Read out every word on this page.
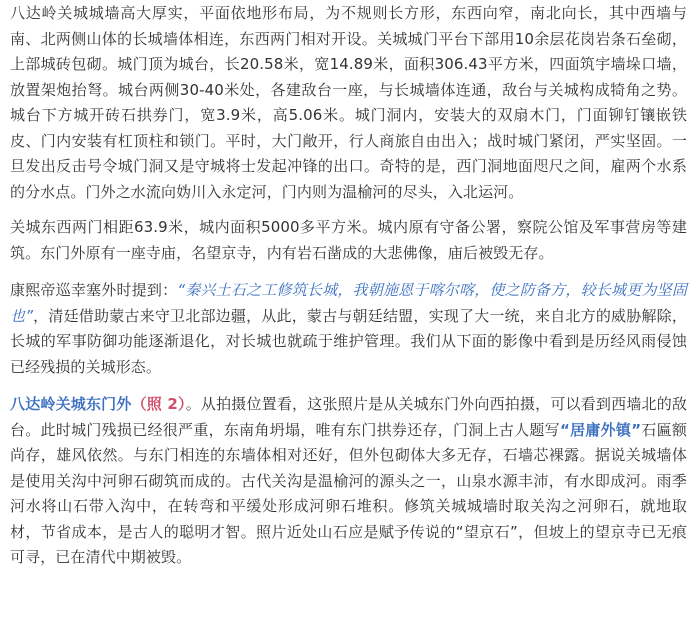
八达岭关城城墙高大厚实，平面依地形布局，为不规则长方形，东西向窄，南北向长，其中西墙与南、北两侧山体的长城墙体相连，东西两门相对开设。关城城门平台下部用10余层花岗岩条石垒砌，上部城砖包砌。城门顶为城台，长20.58米，宽14.89米，面积306.43平方米，四面筑宇墙垛口墙，放置架炮抬弩。城台两侧30-40米处，各建敌台一座，与长城墙体连通，敌台与关城构成犄角之势。城台下方城开砖石拱券门，宽3.9米，高5.06米。城门洞内，安装大的双扇木门，门面铆钉镶嵌铁皮、门内安装有杠顶柱和锁门。平时，大门敞开，行人商旅自由出入；战时城门紧闭，严实坚固。一旦发出反击号令城门洞又是守城将士发起冲锋的出口。奇特的是，西门洞地面咫尺之间，雇两个水系的分水点。门外之水流向妫川入永定河，门内则为温榆河的尽头，入北运河。

关城东西两门相距63.9米，城内面积5000多平方米。城内原有守备公署，察院公馆及军事营房等建筑。东门外原有一座寺庙，名望京寺，内有岩石凿成的大悲佛像，庙后被毁无存。

康熙帝巡幸塞外时提到：“秦兴土石之工修筑长城，我朝施恩于喀尔喀，使之防备方，较长城更为坚固也”，清廷借助蒙古来守卫北部边疆，从此，蒙古与朝廷结盟，实现了大一统，来自北方的威胁解除，长城的军事防御功能逐渐退化，对长城也就疏于维护管理。我们从下面的影像中看到是历经风雨侵蚀已经残损的关城形态。

八达岭关城东门外（照 2）。从拍摄位置看，这张照片是从关城东门外向西拍摄，可以看到西墙北的敌台。此时城门残损已经很严重，东南角坍塌，唯有东门拱券还存，门洞上古人题写“居庸外镇”石匾额尚存，雄风依然。与东门相连的东墙体相对还好，但外包砌体大多无存，石墙芯裸露。据说关城墙体是使用关沟中河卵石砌筑而成的。古代关沟是温榆河的源头之一，山泉水源丰沛，有水即成河。雨季河水将山石带入沟中，在转弯和平缓处形成河卵石堆积。修筑关城城墙时取关沟之河卵石，就地取材，节省成本，是古人的聪明才智。照片近处山石应是赋予传说的“望京石”，但坡上的望京寺已无痕可寻，已在清代中期被毁。
